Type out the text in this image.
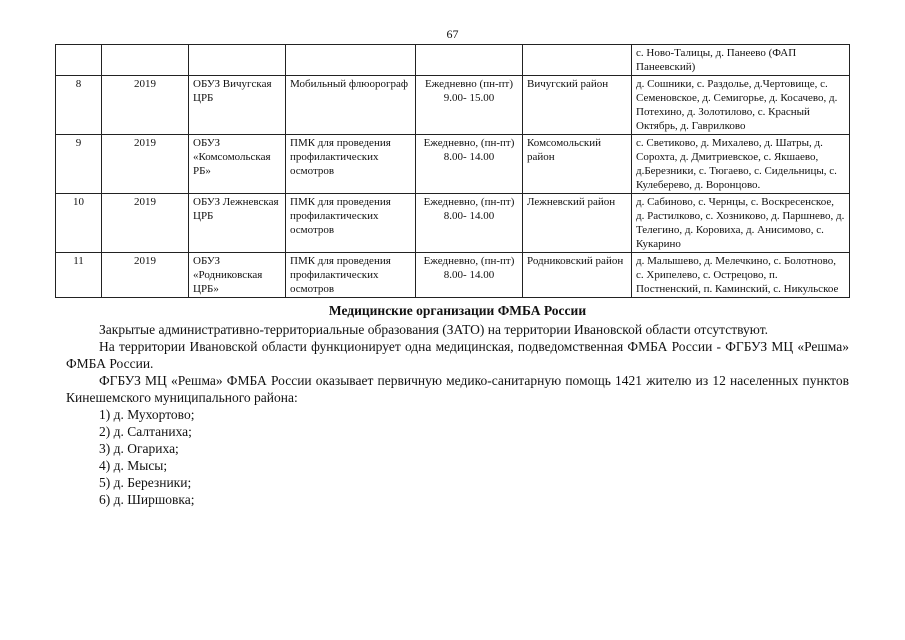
67
						с. Ново-Талицы, д. Панеево (ФАП Панеевский)
8	2019	ОБУЗ Вичугская ЦРБ	Мобильный флюорограф	Ежедневно (пн-пт) 9.00- 15.00	Вичугский район	д. Сошники, с. Раздолье, д.Чертовище, с. Семеновское, д. Семигорье, д. Косачево, д. Потехино, д. Золотилово, с. Красный Октябрь, д. Гаврилково
9	2019	ОБУЗ «Комсомольская РБ»	ПМК для проведения профилактических осмотров	Ежедневно, (пн-пт) 8.00- 14.00	Комсомольский район	с. Светиково, д. Михалево, д. Шатры, д. Сорохта, д. Дмитриевское, с. Якшаево, д.Березники, с. Тюгаево, с. Сидельницы, с. Кулеберево, д. Воронцово.
10	2019	ОБУЗ Лежневская ЦРБ	ПМК для проведения профилактических осмотров	Ежедневно, (пн-пт) 8.00- 14.00	Лежневский район	д. Сабиново, с. Чернцы, с. Воскресенское, д. Растилково, с. Хозниково, д. Паршнево, д. Телегино, д. Коровиха, д. Анисимово, с. Кукарино
11	2019	ОБУЗ «Родниковская ЦРБ»	ПМК для проведения профилактических осмотров	Ежедневно, (пн-пт) 8.00- 14.00	Родниковский район	д. Малышево, д. Мелечкино, с. Болотново, с. Хрипелево, с. Острецово, п. Постненский, п. Каминский, с. Никульское

Медицинские организации ФМБА России

Закрытые административно-территориальные образования (ЗАТО) на территории Ивановской области отсутствуют.

На территории Ивановской области функционирует одна медицинская, подведомственная ФМБА России - ФГБУЗ МЦ «Решма» ФМБА России.

ФГБУЗ МЦ «Решма» ФМБА России оказывает первичную медико-санитарную помощь 1421 жителю из 12 населенных пунктов Кинешемского муниципального района:

1) д. Мухортово;

2) д. Салтаниха;

3) д. Огариха;

4) д. Мысы;

5) д. Березники;

6) д. Ширшовка;
